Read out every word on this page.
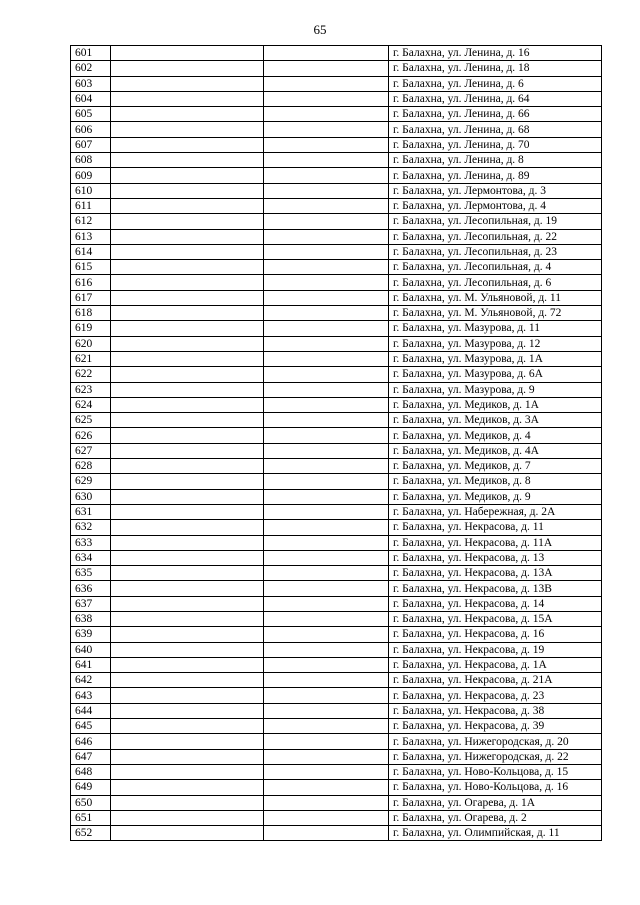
65
601			г. Балахна, ул. Ленина, д. 16
602			г. Балахна, ул. Ленина, д. 18
603			г. Балахна, ул. Ленина, д. 6
604			г. Балахна, ул. Ленина, д. 64
605			г. Балахна, ул. Ленина, д. 66
606			г. Балахна, ул. Ленина, д. 68
607			г. Балахна, ул. Ленина, д. 70
608			г. Балахна, ул. Ленина, д. 8
609			г. Балахна, ул. Ленина, д. 89
610			г. Балахна, ул. Лермонтова, д. 3
611			г. Балахна, ул. Лермонтова, д. 4
612			г. Балахна, ул. Лесопильная, д. 19
613			г. Балахна, ул. Лесопильная, д. 22
614			г. Балахна, ул. Лесопильная, д. 23
615			г. Балахна, ул. Лесопильная, д. 4
616			г. Балахна, ул. Лесопильная, д. 6
617			г. Балахна, ул. М. Ульяновой, д. 11
618			г. Балахна, ул. М. Ульяновой, д. 72
619			г. Балахна, ул. Мазурова, д. 11
620			г. Балахна, ул. Мазурова, д. 12
621			г. Балахна, ул. Мазурова, д. 1А
622			г. Балахна, ул. Мазурова, д. 6А
623			г. Балахна, ул. Мазурова, д. 9
624			г. Балахна, ул. Медиков, д. 1А
625			г. Балахна, ул. Медиков, д. 3А
626			г. Балахна, ул. Медиков, д. 4
627			г. Балахна, ул. Медиков, д. 4А
628			г. Балахна, ул. Медиков, д. 7
629			г. Балахна, ул. Медиков, д. 8
630			г. Балахна, ул. Медиков, д. 9
631			г. Балахна, ул. Набережная, д. 2А
632			г. Балахна, ул. Некрасова, д. 11
633			г. Балахна, ул. Некрасова, д. 11А
634			г. Балахна, ул. Некрасова, д. 13
635			г. Балахна, ул. Некрасова, д. 13А
636			г. Балахна, ул. Некрасова, д. 13В
637			г. Балахна, ул. Некрасова, д. 14
638			г. Балахна, ул. Некрасова, д. 15А
639			г. Балахна, ул. Некрасова, д. 16
640			г. Балахна, ул. Некрасова, д. 19
641			г. Балахна, ул. Некрасова, д. 1А
642			г. Балахна, ул. Некрасова, д. 21А
643			г. Балахна, ул. Некрасова, д. 23
644			г. Балахна, ул. Некрасова, д. 38
645			г. Балахна, ул. Некрасова, д. 39
646			г. Балахна, ул. Нижегородская, д. 20
647			г. Балахна, ул. Нижегородская, д. 22
648			г. Балахна, ул. Ново-Кольцова, д. 15
649			г. Балахна, ул. Ново-Кольцова, д. 16
650			г. Балахна, ул. Огарева, д. 1А
651			г. Балахна, ул. Огарева, д. 2
652			г. Балахна, ул. Олимпийская, д. 11
